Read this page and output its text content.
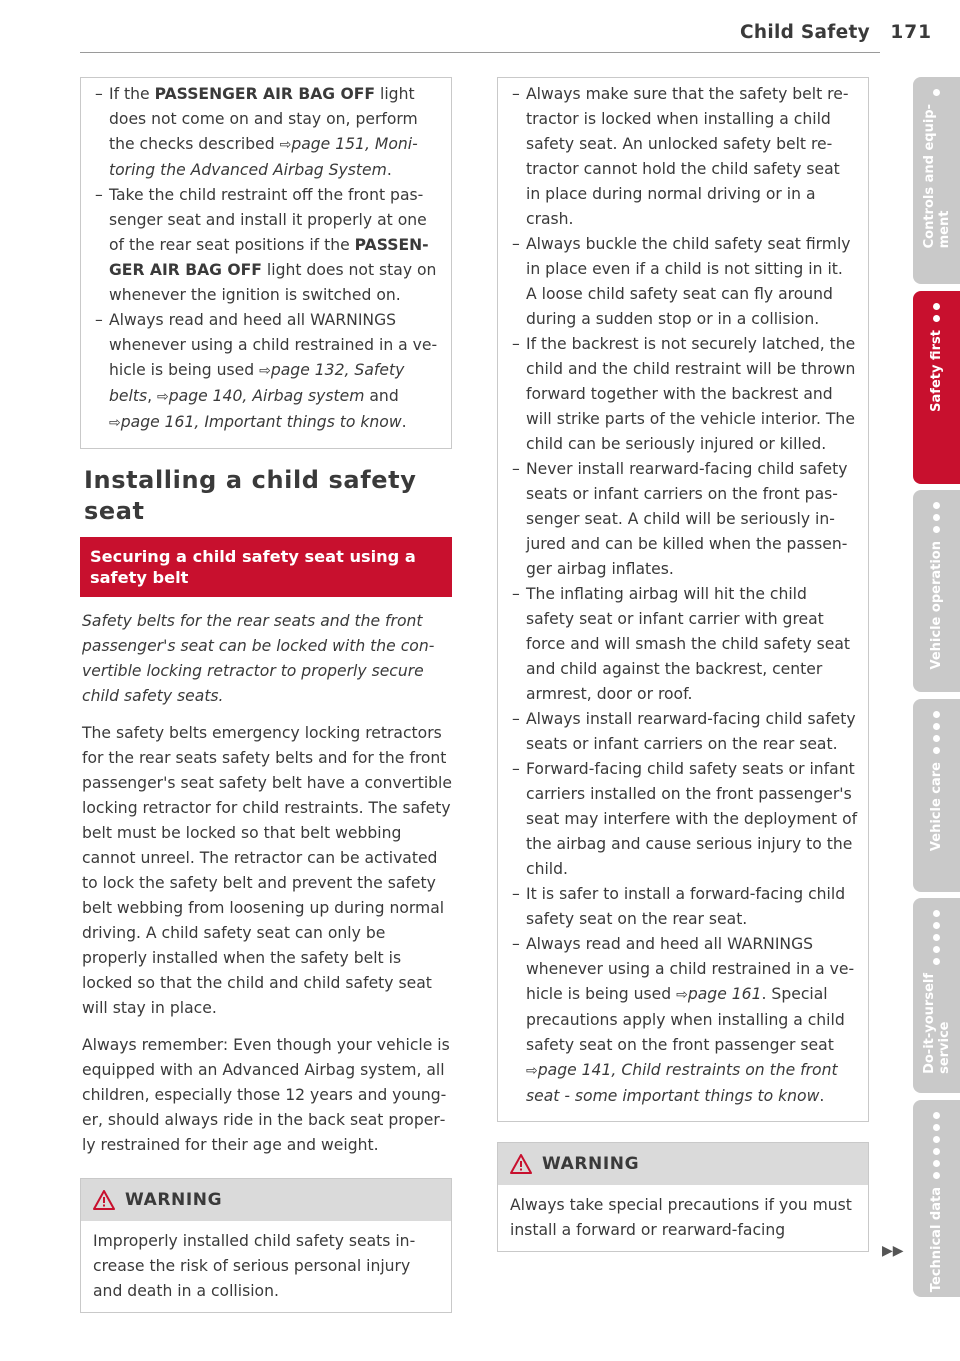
Child Safety 171
– If the PASSENGER AIR BAG OFF light does not come on and stay on, perform the checks described ⇨page 151, Monitoring the Advanced Airbag System.
– Take the child restraint off the front passenger seat and install it properly at one of the rear seat positions if the PASSENGER AIR BAG OFF light does not stay on whenever the ignition is switched on.
– Always read and heed all WARNINGS whenever using a child restrained in a vehicle is being used ⇨page 132, Safety belts, ⇨page 140, Airbag system and ⇨page 161, Important things to know.
Installing a child safety seat
Securing a child safety seat using a safety belt
Safety belts for the rear seats and the front passenger's seat can be locked with the convertible locking retractor to properly secure child safety seats.

The safety belts emergency locking retractors for the rear seats safety belts and for the front passenger's seat safety belt have a convertible locking retractor for child restraints. The safety belt must be locked so that belt webbing cannot unreel. The retractor can be activated to lock the safety belt and prevent the safety belt webbing from loosening up during normal driving. A child safety seat can only be properly installed when the safety belt is locked so that the child and child safety seat will stay in place.

Always remember: Even though your vehicle is equipped with an Advanced Airbag system, all children, especially those 12 years and younger, should always ride in the back seat properly restrained for their age and weight.

WARNING
Improperly installed child safety seats increase the risk of serious personal injury and death in a collision.
– Always make sure that the safety belt retractor is locked when installing a child safety seat. An unlocked safety belt retractor cannot hold the child safety seat in place during normal driving or in a crash.
– Always buckle the child safety seat firmly in place even if a child is not sitting in it. A loose child safety seat can fly around during a sudden stop or in a collision.
– If the backrest is not securely latched, the child and the child restraint will be thrown forward together with the backrest and will strike parts of the vehicle interior. The child can be seriously injured or killed.
– Never install rearward-facing child safety seats or infant carriers on the front passenger seat. A child will be seriously injured and can be killed when the passenger airbag inflates.
– The inflating airbag will hit the child safety seat or infant carrier with great force and will smash the child safety seat and child against the backrest, center armrest, door or roof.
– Always install rearward-facing child safety seats or infant carriers on the rear seat.
– Forward-facing child safety seats or infant carriers installed on the front passenger's seat may interfere with the deployment of the airbag and cause serious injury to the child.
– It is safer to install a forward-facing child safety seat on the rear seat.
– Always read and heed all WARNINGS whenever using a child restrained in a vehicle is being used ⇨page 161. Special precautions apply when installing a child safety seat on the front passenger seat ⇨page 141, Child restraints on the front seat - some important things to know.
WARNING
Always take special precautions if you must install a forward or rearward-facing
▶▶
Controls and equip-
ment
Safety first
Vehicle operation
Vehicle care
Do-it-yourself
service
Technical data
